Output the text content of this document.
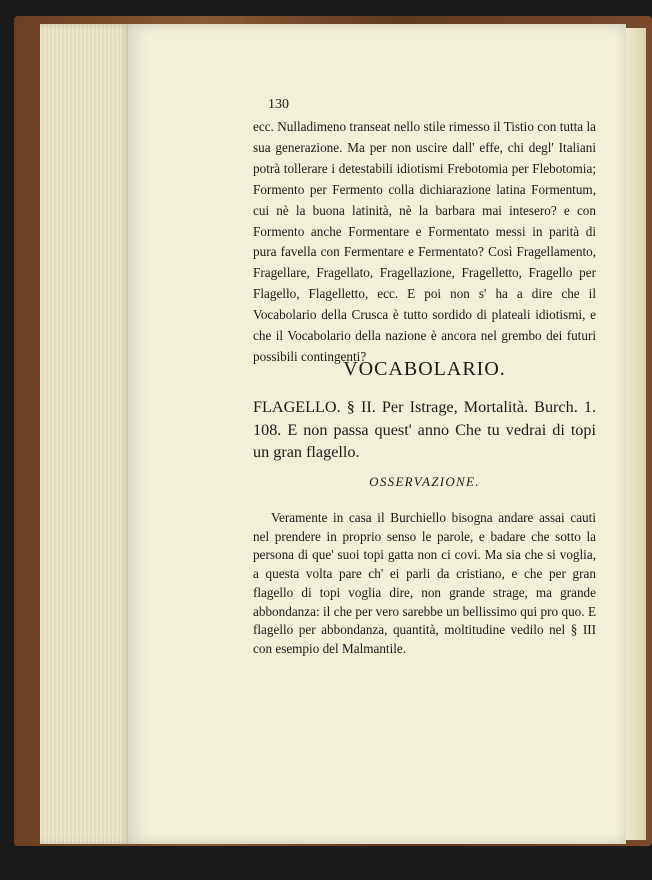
130

ecc. Nulladimeno transeat nello stile rimesso il Tistio con tutta la sua generazione. Ma per non uscire dall' effe, chi degl' Italiani potrà tollerare i detestabili idiotismi Frebotomia per Flebotomia; Formento per Fermento colla dichiarazione latina Formentum, cui nè la buona latinità, nè la barbara mai intesero? e con Formento anche Formentare e Formentato messi in parità di pura favella con Fermentare e Fermentato? Così Fragellamento, Fragellare, Fragellato, Fragellazione, Fragelletto, Fragello per Flagello, Flagelletto, ecc. E poi non s' ha a dire che il Vocabolario della Crusca è tutto sordido di plateali idiotismi, e che il Vocabolario della nazione è ancora nel grembo dei futuri possibili contingenti?

VOCABOLARIO.
FLAGELLO. § II. Per Istrage, Mortalità. Burch. 1. 108. E non passa quest' anno Che tu vedrai di topi un gran flagello.
OSSERVAZIONE.

Veramente in casa il Burchiello bisogna andare assai cauti nel prendere in proprio senso le parole, e badare che sotto la persona di que' suoi topi gatta non ci covi. Ma sia che si voglia, a questa volta pare ch' ei parli da cristiano, e che per gran flagello di topi voglia dire, non grande strage, ma grande abbondanza: il che per vero sarebbe un bellissimo qui pro quo. E flagello per abbondanza, quantità, moltitudine vedilo nel § III con esempio del Malmantile.
